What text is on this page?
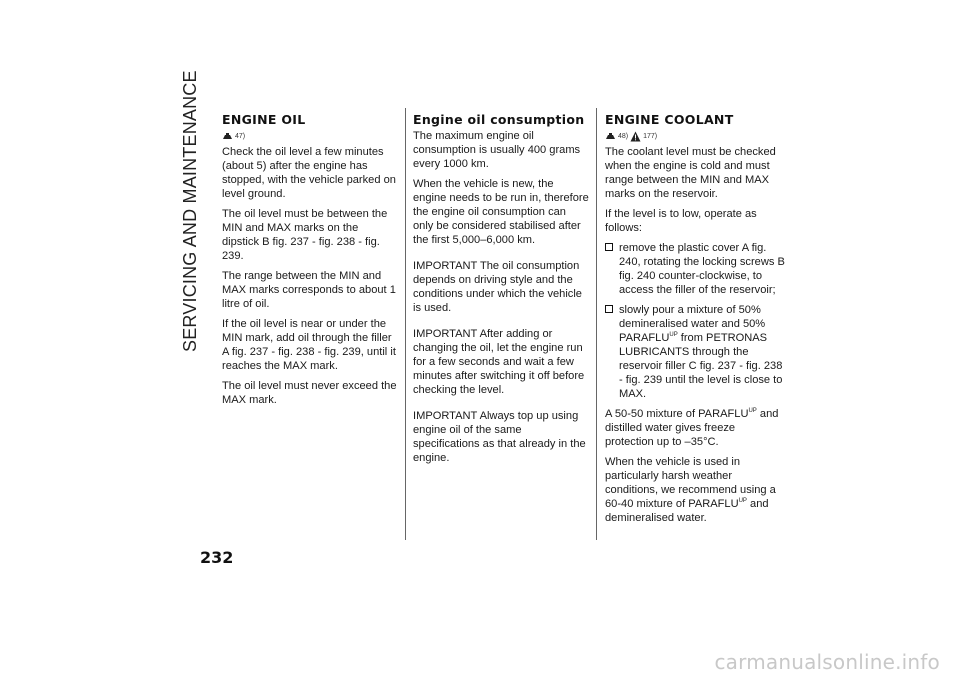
SERVICING AND MAINTENANCE ENGINE OIL
47)

Check the oil level a few minutes (about 5) after the engine has stopped, with the vehicle parked on level ground.

The oil level must be between the MIN and MAX marks on the dipstick B fig. 237 - fig. 238 - fig. 239.

The range between the MIN and MAX marks corresponds to about 1 litre of oil.

If the oil level is near or under the MIN mark, add oil through the filler A fig. 237 - fig. 238 - fig. 239, until it reaches the MAX mark.

The oil level must never exceed the MAX mark.

Engine oil consumption

The maximum engine oil consumption is usually 400 grams every 1000 km.

When the vehicle is new, the engine needs to be run in, therefore the engine oil consumption can only be considered stabilised after the first 5,000–6,000 km.

IMPORTANT The oil consumption depends on driving style and the conditions under which the vehicle is used.

IMPORTANT After adding or changing the oil, let the engine run for a few seconds and wait a few minutes after switching it off before checking the level.

IMPORTANT Always top up using engine oil of the same specifications as that already in the engine.

ENGINE COOLANT
48) 177)

The coolant level must be checked when the engine is cold and must range between the MIN and MAX marks on the reservoir.

If the level is to low, operate as follows:

remove the plastic cover A fig. 240, rotating the locking screws B fig. 240 counter-clockwise, to access the filler of the reservoir;
slowly pour a mixture of 50% demineralised water and 50% $PARAFLU^{UP}$ from PETRONAS LUBRICANTS through the reservoir filler C fig. 237 - fig. 238 - fig. 239 until the level is close to MAX.

A 50-50 mixture of $PARAFLU^{UP}$ and distilled water gives freeze protection up to –35°C.

When the vehicle is used in particularly harsh weather conditions, we recommend using a 60-40 mixture of $PARAFLU^{UP}$ and demineralised water.

232
carmanualsonline.info
